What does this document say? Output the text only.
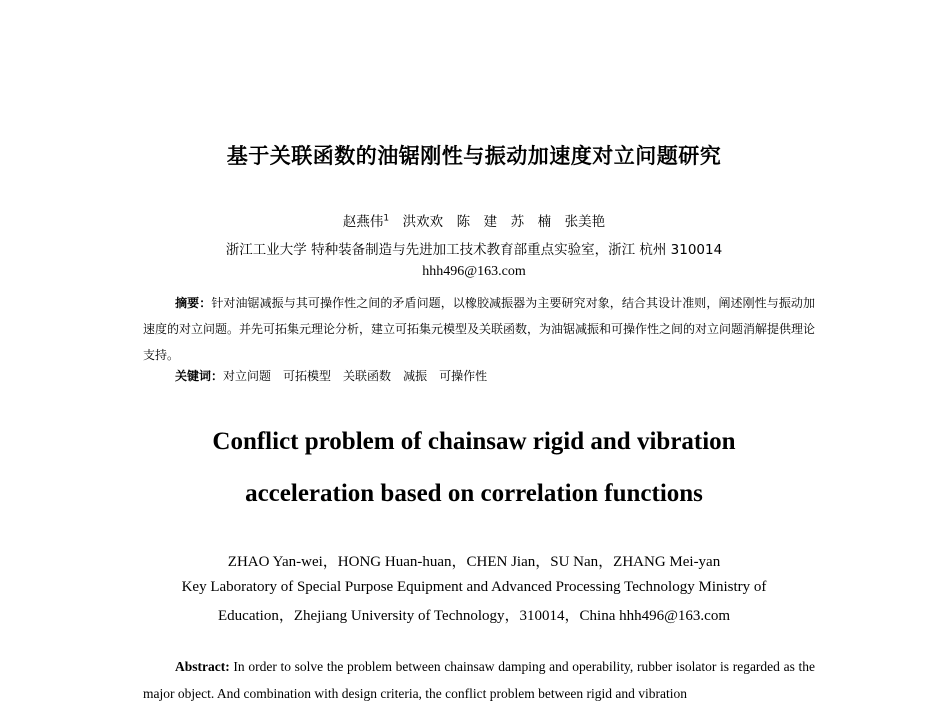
基于关联函数的油锯刚性与振动加速度对立问题研究
赵燕伟$^1$　 洪欢欢　陈　建　苏　楠　张美艳
浙江工业大学 特种装备制造与先进加工技术教育部重点实验室，浙江 杭州 310014
hhh496@163.com
摘要：针对油锯减振与其可操作性之间的矛盾问题，以橡胶减振器为主要研究对象，结合其设计准则，阐述刚性与振动加速度的对立问题。并先可拓集元理论分析，建立可拓集元模型及关联函数，为油锯减振和可操作性之间的对立问题消解提供理论支持。
关键词：对立问题 可拓模型 关联函数 减振 可操作性
Conflict problem of chainsaw rigid and vibration
acceleration based on correlation functions
ZHAO Yan-wei，HONG Huan-huan，CHEN Jian，SU Nan，ZHANG Mei-yan
Key Laboratory of Special Purpose Equipment and Advanced Processing Technology Ministry of
Education，Zhejiang University of Technology，310014，China hhh496@163.com
Abstract: In order to solve the problem between chainsaw damping and operability, rubber isolator is regarded as the major object. And combination with design criteria, the conflict problem between rigid and vibration
